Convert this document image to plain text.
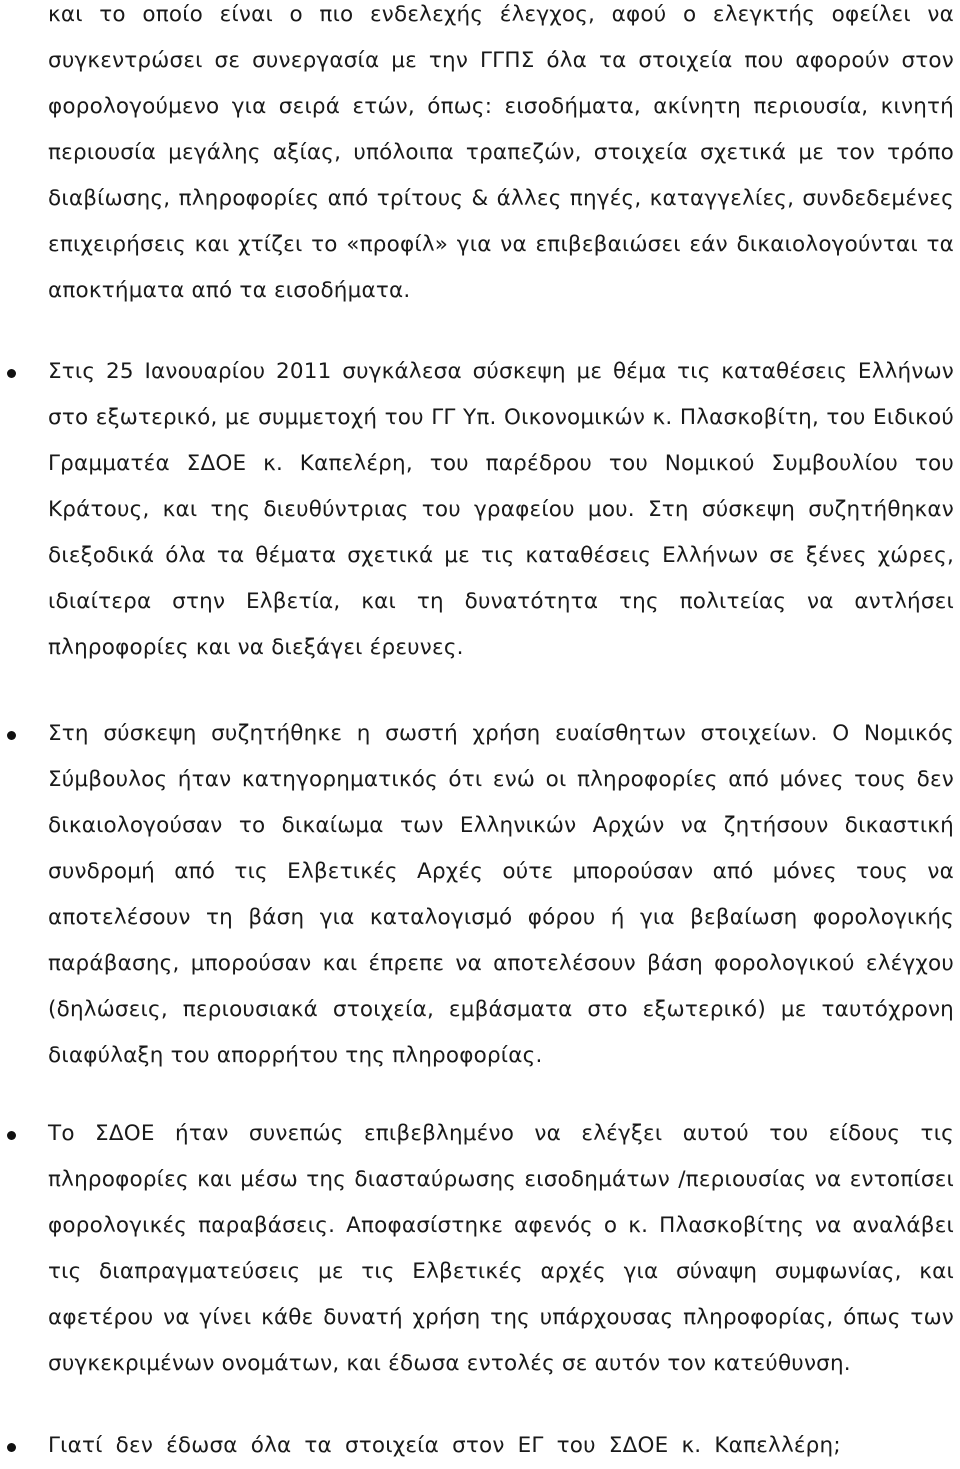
και το οποίο είναι ο πιο ενδελεχής έλεγχος, αφού ο ελεγκτής οφείλει να συγκεντρώσει σε συνεργασία με την ΓΓΠΣ όλα τα στοιχεία που αφορούν στον φορολογούμενο για σειρά ετών, όπως: εισοδήματα, ακίνητη περιουσία, κινητή περιουσία μεγάλης αξίας, υπόλοιπα τραπεζών, στοιχεία σχετικά με τον τρόπο διαβίωσης, πληροφορίες από τρίτους & άλλες πηγές, καταγγελίες, συνδεδεμένες επιχειρήσεις και χτίζει το «προφίλ» για να επιβεβαιώσει εάν δικαιολογούνται τα αποκτήματα από τα εισοδήματα.

Στις 25 Ιανουαρίου 2011 συγκάλεσα σύσκεψη με θέμα τις καταθέσεις Ελλήνων στο εξωτερικό, με συμμετοχή του ΓΓ Υπ. Οικονομικών κ. Πλασκοβίτη, του Ειδικού Γραμματέα ΣΔΟΕ κ. Καπελέρη, του παρέδρου του Νομικού Συμβουλίου του Κράτους, και της διευθύντριας του γραφείου μου. Στη σύσκεψη συζητήθηκαν διεξοδικά όλα τα θέματα σχετικά με τις καταθέσεις Ελλήνων σε ξένες χώρες, ιδιαίτερα στην Ελβετία, και τη δυνατότητα της πολιτείας να αντλήσει πληροφορίες και να διεξάγει έρευνες.

Στη σύσκεψη συζητήθηκε η σωστή χρήση ευαίσθητων στοιχείων. Ο Νομικός Σύμβουλος ήταν κατηγορηματικός ότι ενώ οι πληροφορίες από μόνες τους δεν δικαιολογούσαν το δικαίωμα των Ελληνικών Αρχών να ζητήσουν δικαστική συνδρομή από τις Ελβετικές Αρχές ούτε μπορούσαν από μόνες τους να αποτελέσουν τη βάση για καταλογισμό φόρου ή για βεβαίωση φορολογικής παράβασης, μπορούσαν και έπρεπε να αποτελέσουν βάση φορολογικού ελέγχου (δηλώσεις, περιουσιακά στοιχεία, εμβάσματα στο εξωτερικό) με ταυτόχρονη διαφύλαξη του απορρήτου της πληροφορίας.

Το ΣΔΟΕ ήταν συνεπώς επιβεβλημένο να ελέγξει αυτού του είδους τις πληροφορίες και μέσω της διασταύρωσης εισοδημάτων /περιουσίας να εντοπίσει φορολογικές παραβάσεις. Αποφασίστηκε αφενός ο κ. Πλασκοβίτης να αναλάβει τις διαπραγματεύσεις με τις Ελβετικές αρχές για σύναψη συμφωνίας, και αφετέρου να γίνει κάθε δυνατή χρήση της υπάρχουσας πληροφορίας, όπως των συγκεκριμένων ονομάτων, και έδωσα εντολές σε αυτόν τον κατεύθυνση.

Γιατί δεν έδωσα όλα τα στοιχεία στον ΕΓ του ΣΔΟΕ κ. Καπελλέρη;
